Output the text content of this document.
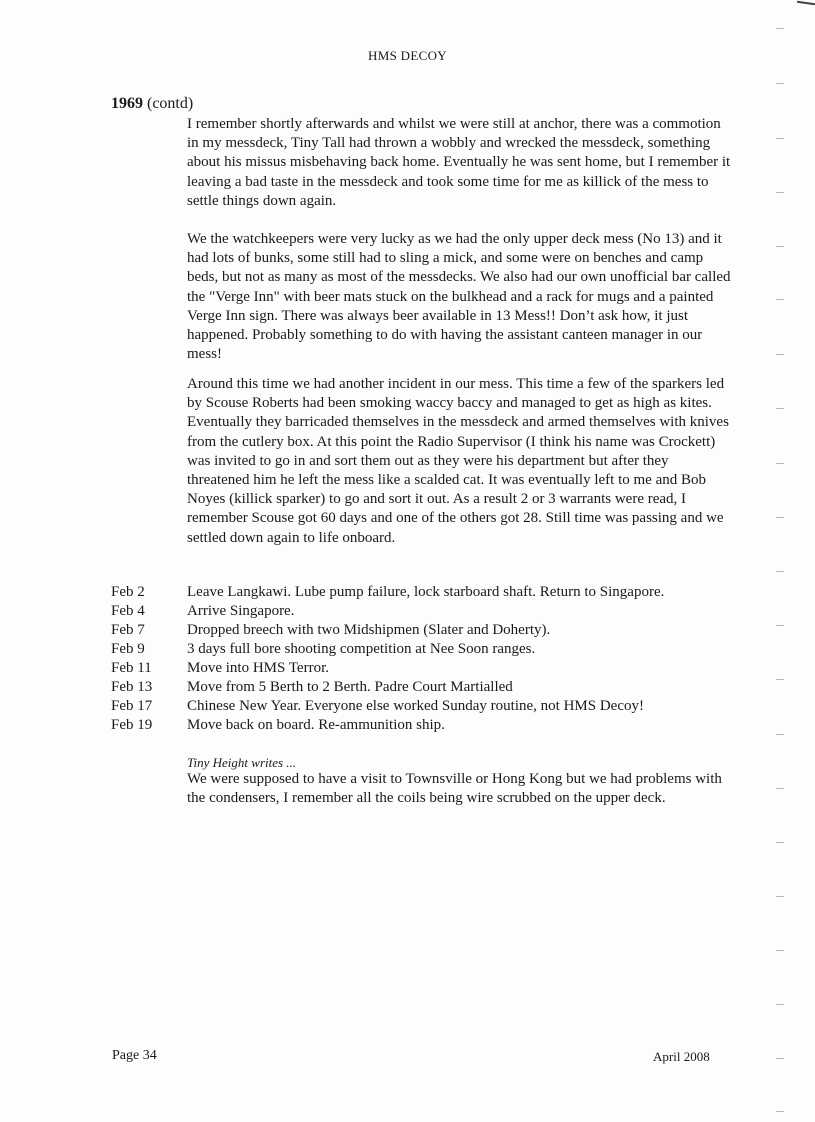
HMS DECOY
1969 (contd)

I remember shortly afterwards and whilst we were still at anchor, there was a commotion in my messdeck, Tiny Tall had thrown a wobbly and wrecked the messdeck, something about his missus misbehaving back home. Eventually he was sent home, but I remember it leaving a bad taste in the messdeck and took some time for me as killick of the mess to settle things down again.

We the watchkeepers were very lucky as we had the only upper deck mess (No 13) and it had lots of bunks, some still had to sling a mick, and some were on benches and camp beds, but not as many as most of the messdecks. We also had our own unofficial bar called the "Verge Inn" with beer mats stuck on the bulkhead and a rack for mugs and a painted Verge Inn sign. There was always beer available in 13 Mess!! Don’t ask how, it just happened. Probably something to do with having the assistant canteen manager in our mess!

Around this time we had another incident in our mess. This time a few of the sparkers led by Scouse Roberts had been smoking waccy baccy and managed to get as high as kites. Eventually they barricaded themselves in the messdeck and armed themselves with knives from the cutlery box. At this point the Radio Supervisor (I think his name was Crockett) was invited to go in and sort them out as they were his department but after they threatened him he left the mess like a scalded cat. It was eventually left to me and Bob Noyes (killick sparker) to go and sort it out. As a result 2 or 3 warrants were read, I remember Scouse got 60 days and one of the others got 28. Still time was passing and we settled down again to life onboard.

Feb 2	Leave Langkawi. Lube pump failure, lock starboard shaft. Return to Singapore.
Feb 4	Arrive Singapore.
Feb 7	Dropped breech with two Midshipmen (Slater and Doherty).
Feb 9	3 days full bore shooting competition at Nee Soon ranges.
Feb 11	Move into HMS Terror.
Feb 13	Move from 5 Berth to 2 Berth. Padre Court Martialled
Feb 17	Chinese New Year. Everyone else worked Sunday routine, not HMS Decoy!
Feb 19	Move back on board. Re-ammunition ship.
Tiny Height writes ...

We were supposed to have a visit to Townsville or Hong Kong but we had problems with the condensers, I remember all the coils being wire scrubbed on the upper deck.

Page 34	April 2008
